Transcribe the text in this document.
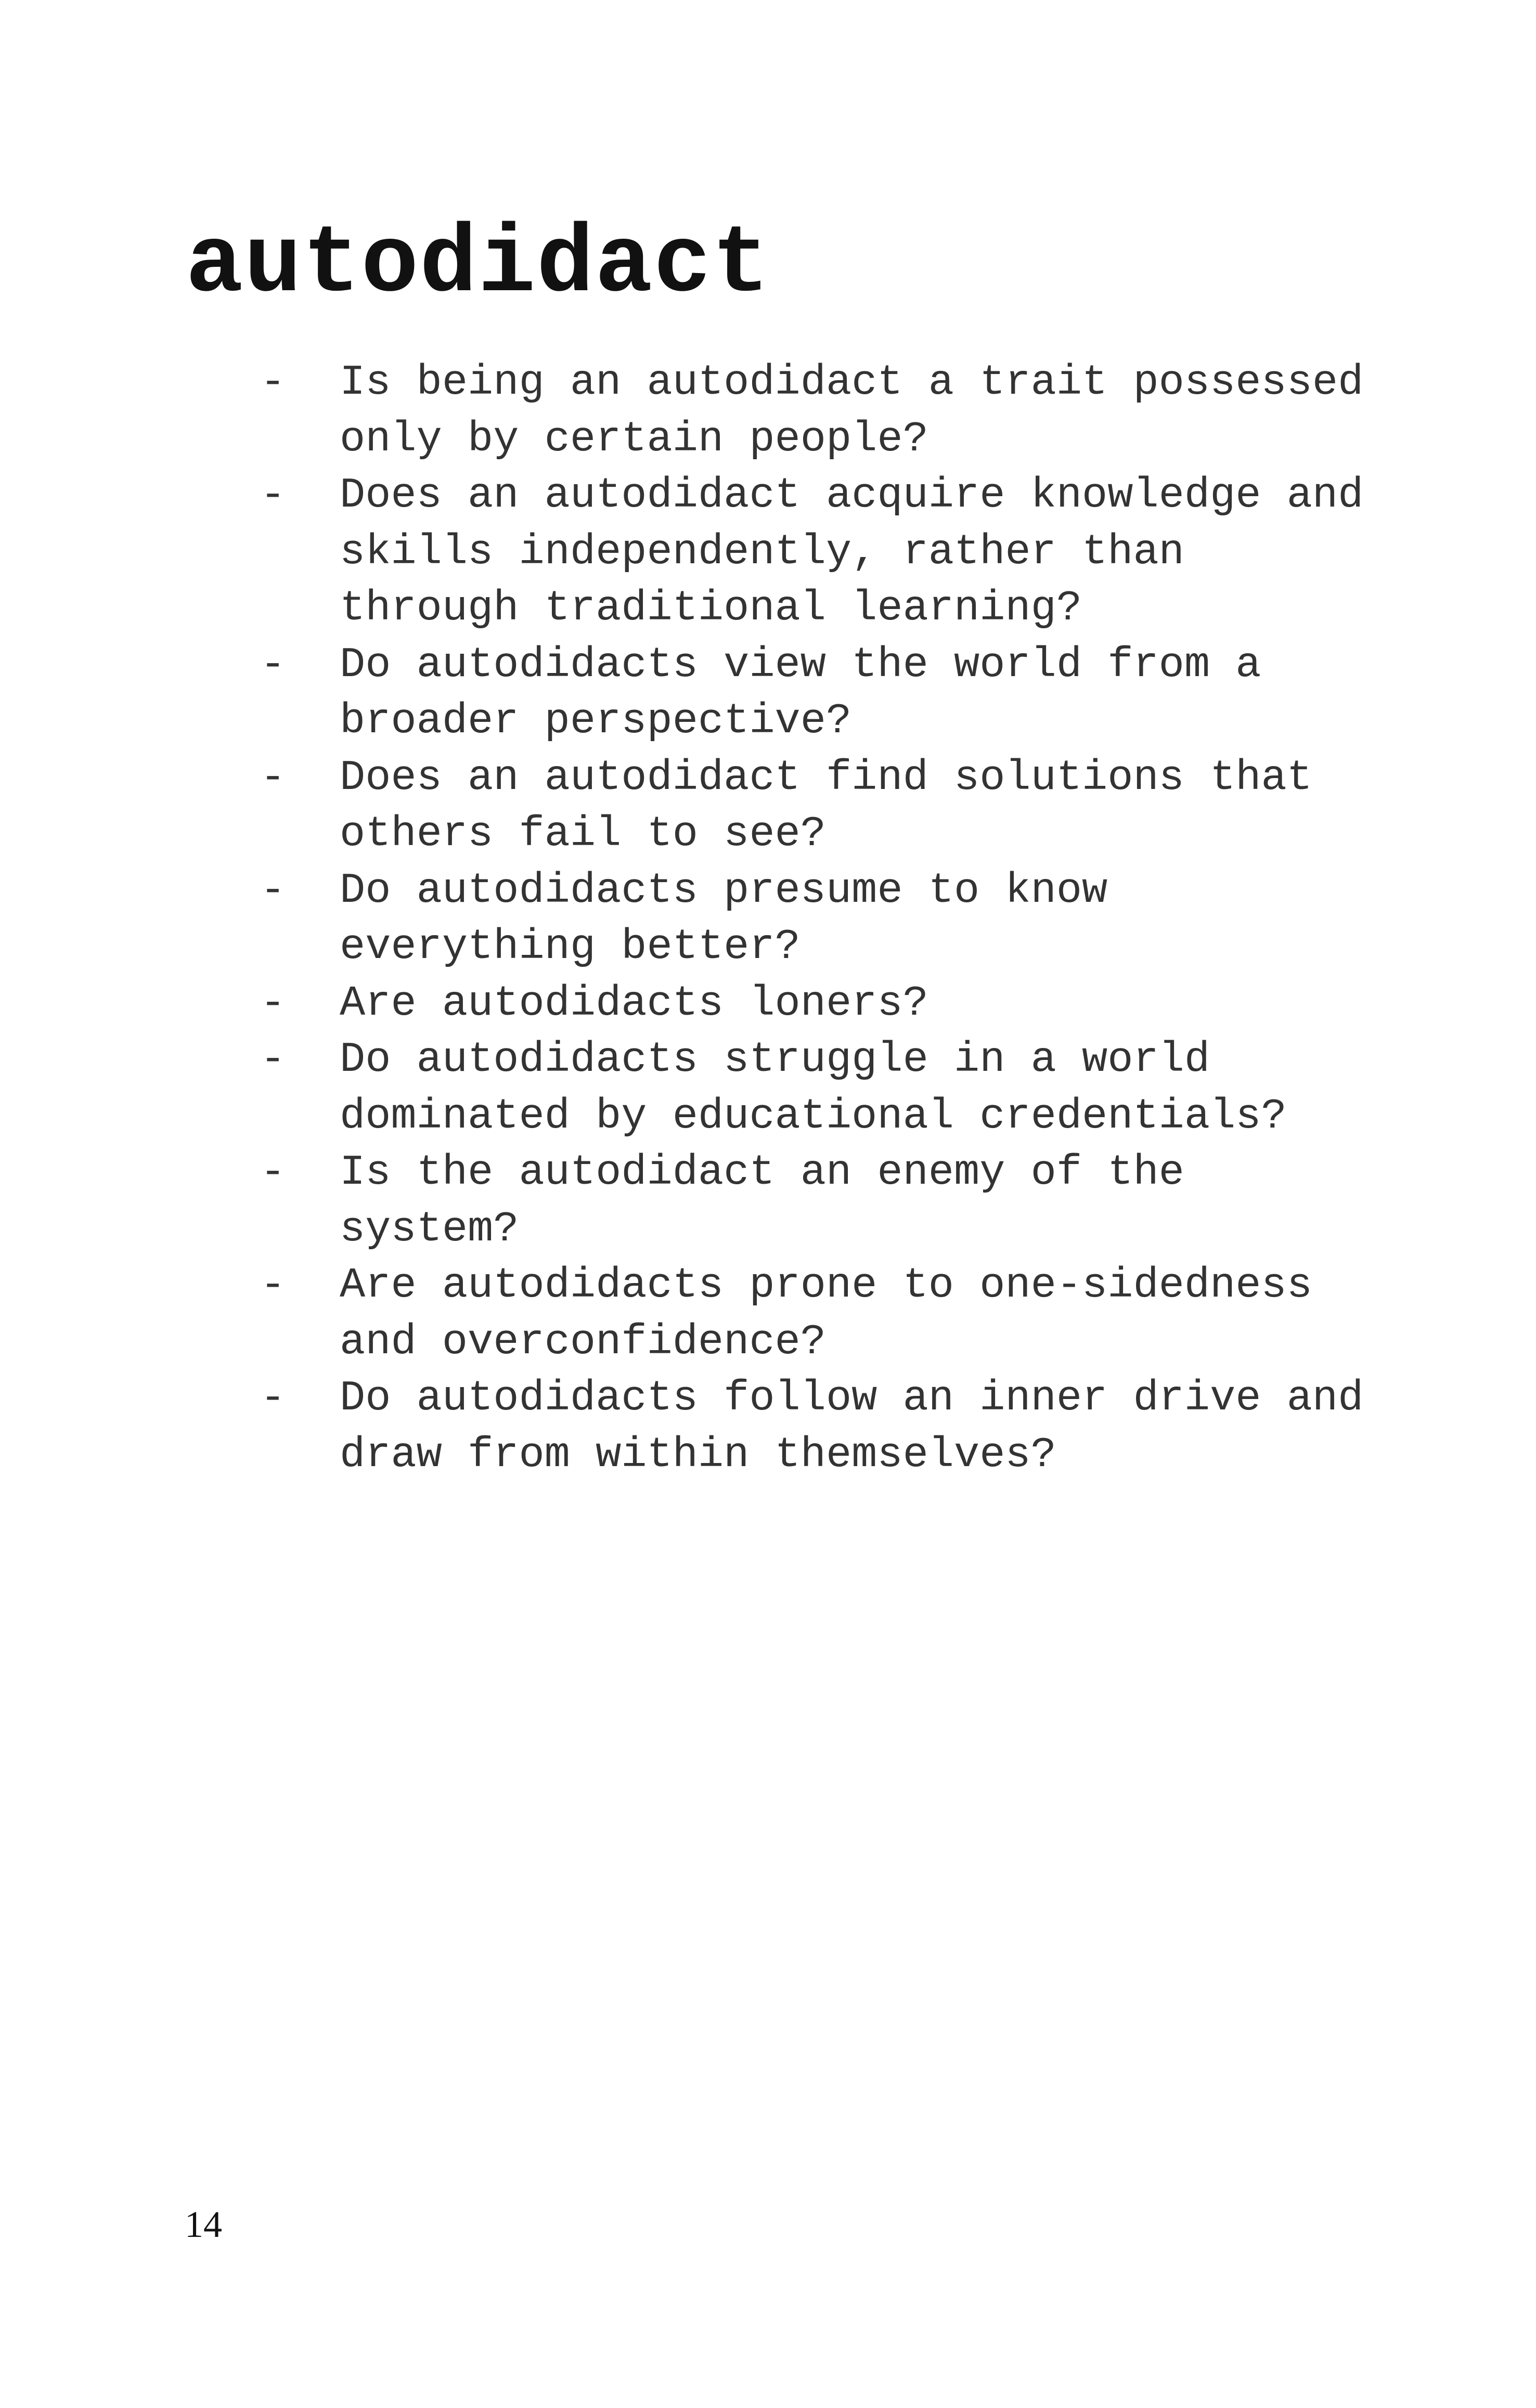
autodidact
- Is being an autodidact a trait possessed only by certain people?
- Does an autodidact acquire knowledge and skills independently, rather than through traditional learning?
- Do autodidacts view the world from a broader perspective?
- Does an autodidact find solutions that others fail to see?
- Do autodidacts presume to know everything better?
- Are autodidacts loners?
- Do autodidacts struggle in a world dominated by educational credentials?
- Is the autodidact an enemy of the system?
- Are autodidacts prone to one-sidedness and overconfidence?
- Do autodidacts follow an inner drive and draw from within themselves?
14
